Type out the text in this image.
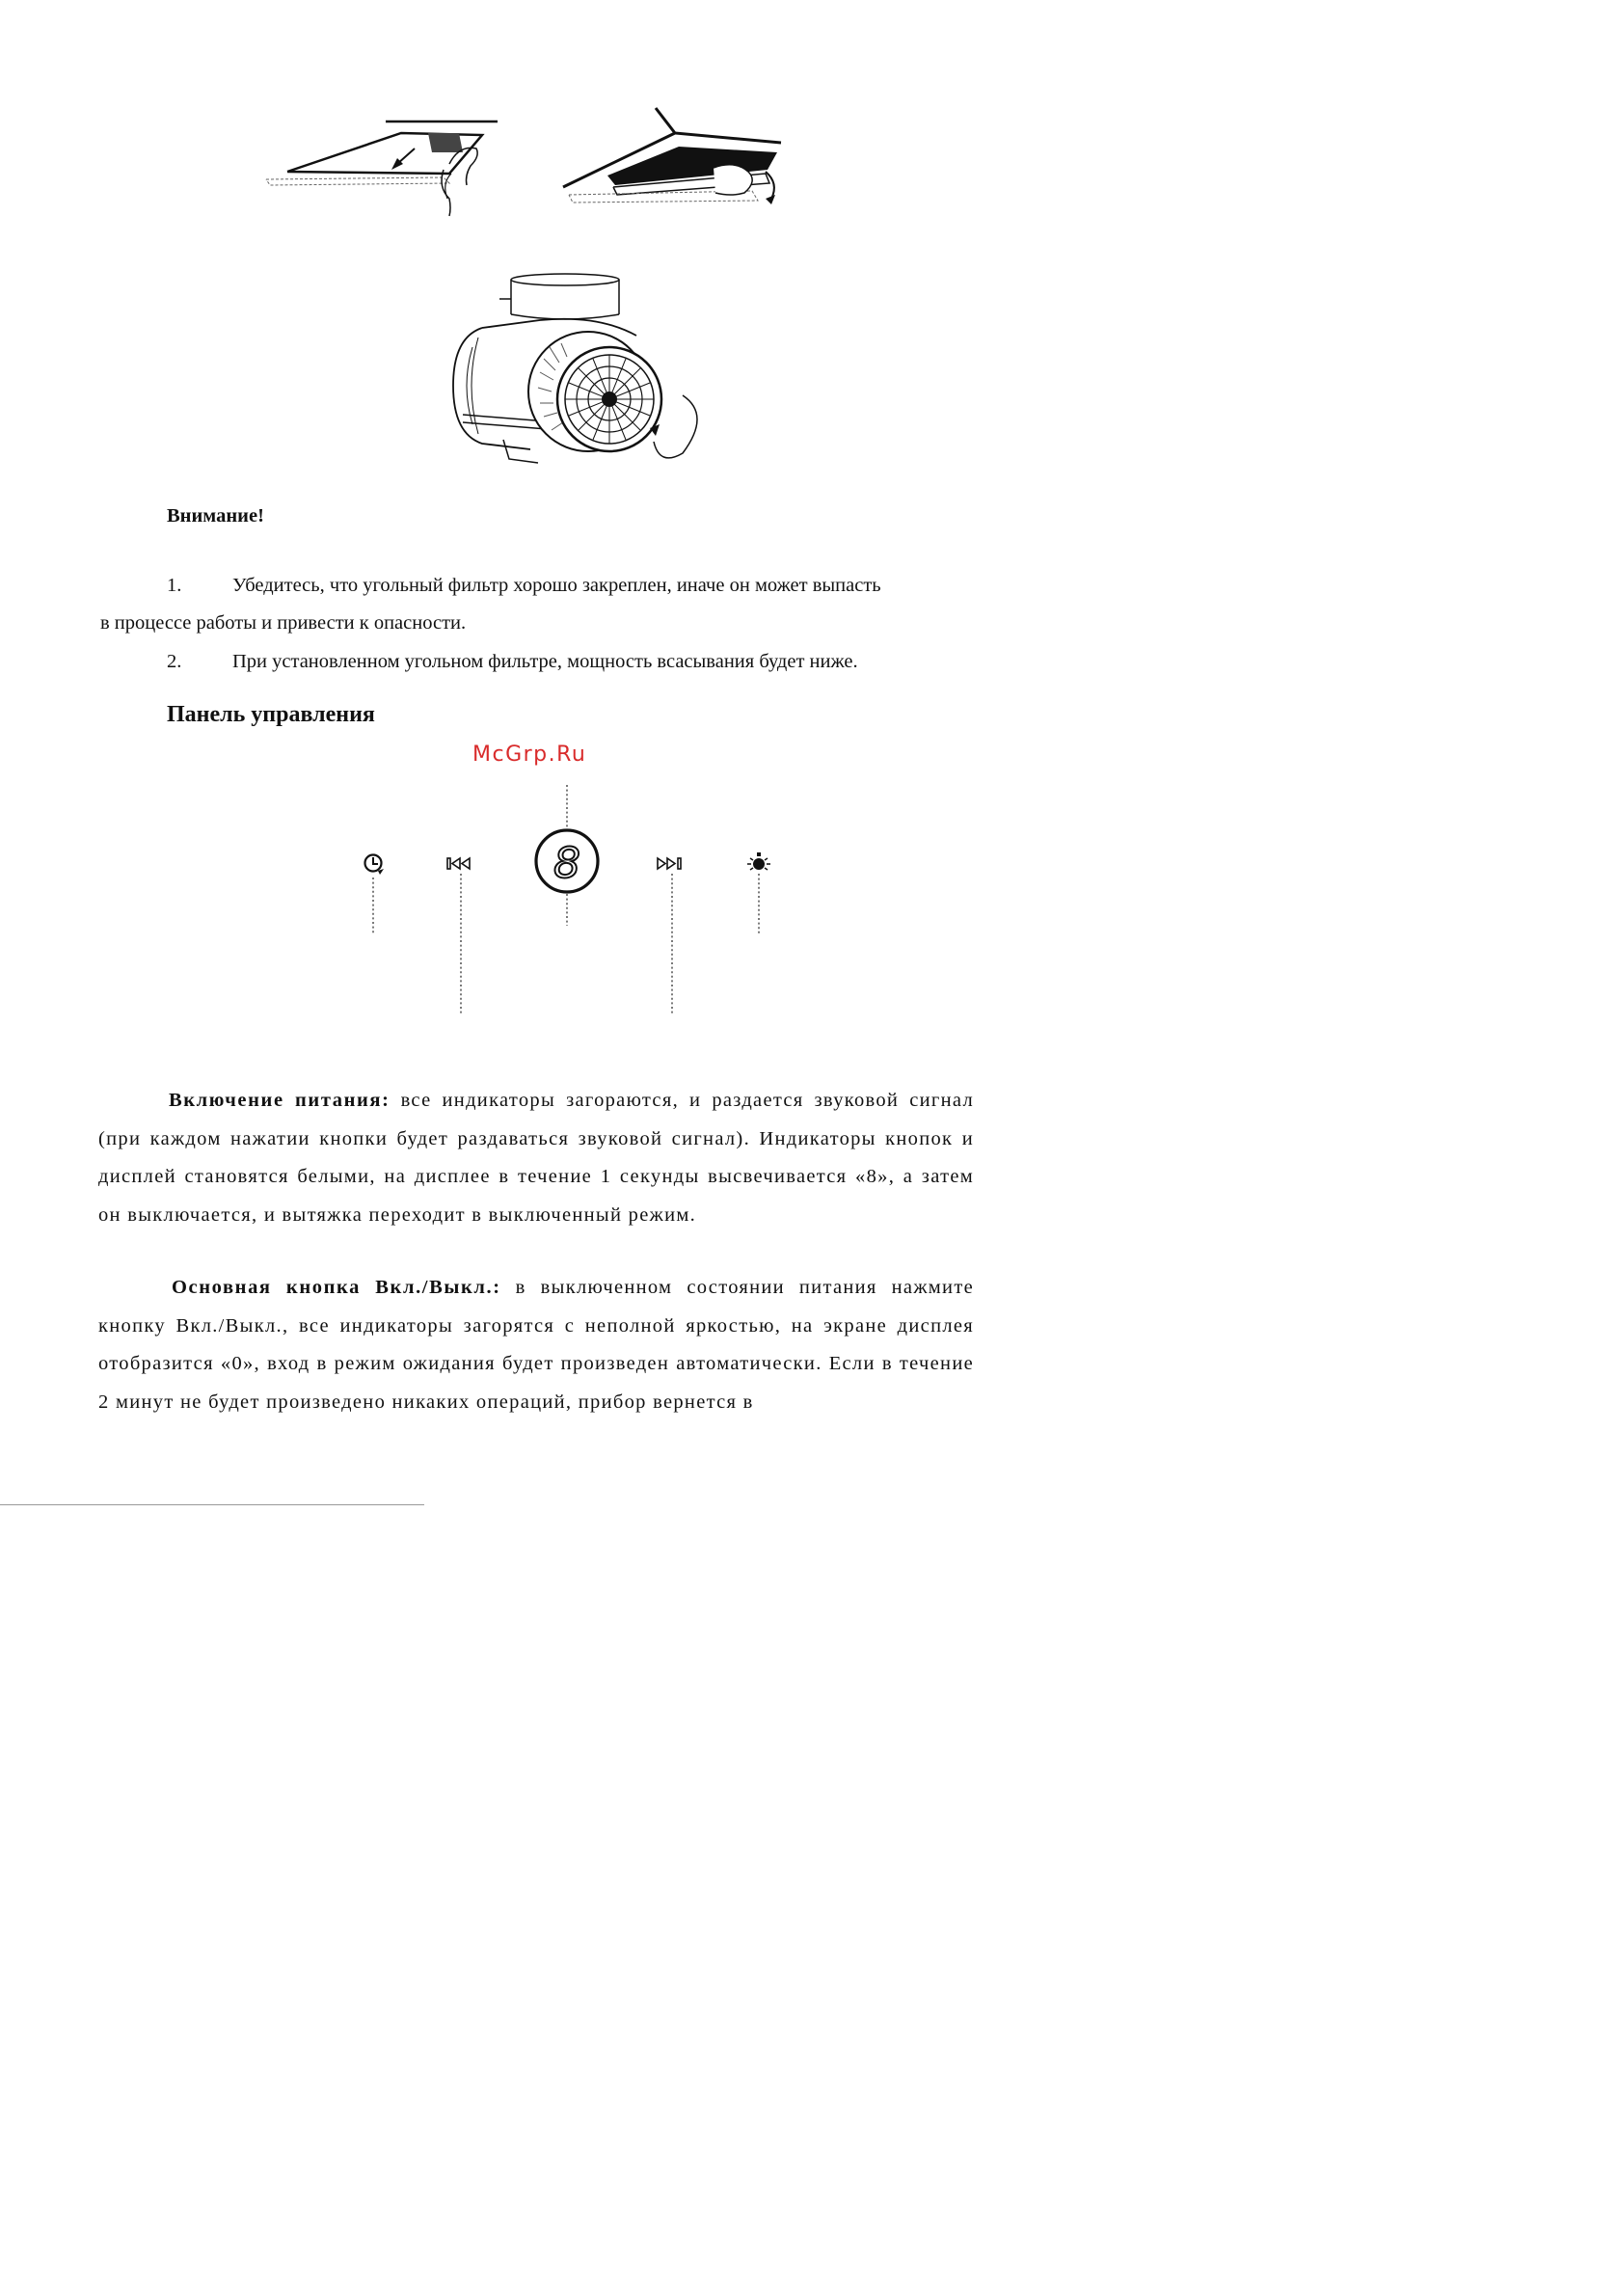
Внимание!
1.	Убедитесь, что угольный фильтр хорошо закреплен, иначе он может выпасть
в процессе работы и привести к опасности.
2.	При установленном угольном фильтре, мощность всасывания будет ниже.
Панель управления
McGrp.Ru
8
Включение питания: все индикаторы загораются, и раздается звуковой сигнал (при каждом нажатии кнопки будет раздаваться звуковой сигнал). Индикаторы кнопок и дисплей становятся белыми, на дисплее в течение 1 секунды высвечивается «8», а затем он выключается, и вытяжка переходит в выключенный режим.
Основная кнопка Вкл./Выкл.: в выключенном состоянии питания нажмите кнопку Вкл./Выкл., все индикаторы загорятся с неполной яркостью, на экране дисплея отобразится «0», вход в режим ожидания будет произведен автоматически. Если в течение 2 минут не будет произведено никаких операций, прибор вернется в
